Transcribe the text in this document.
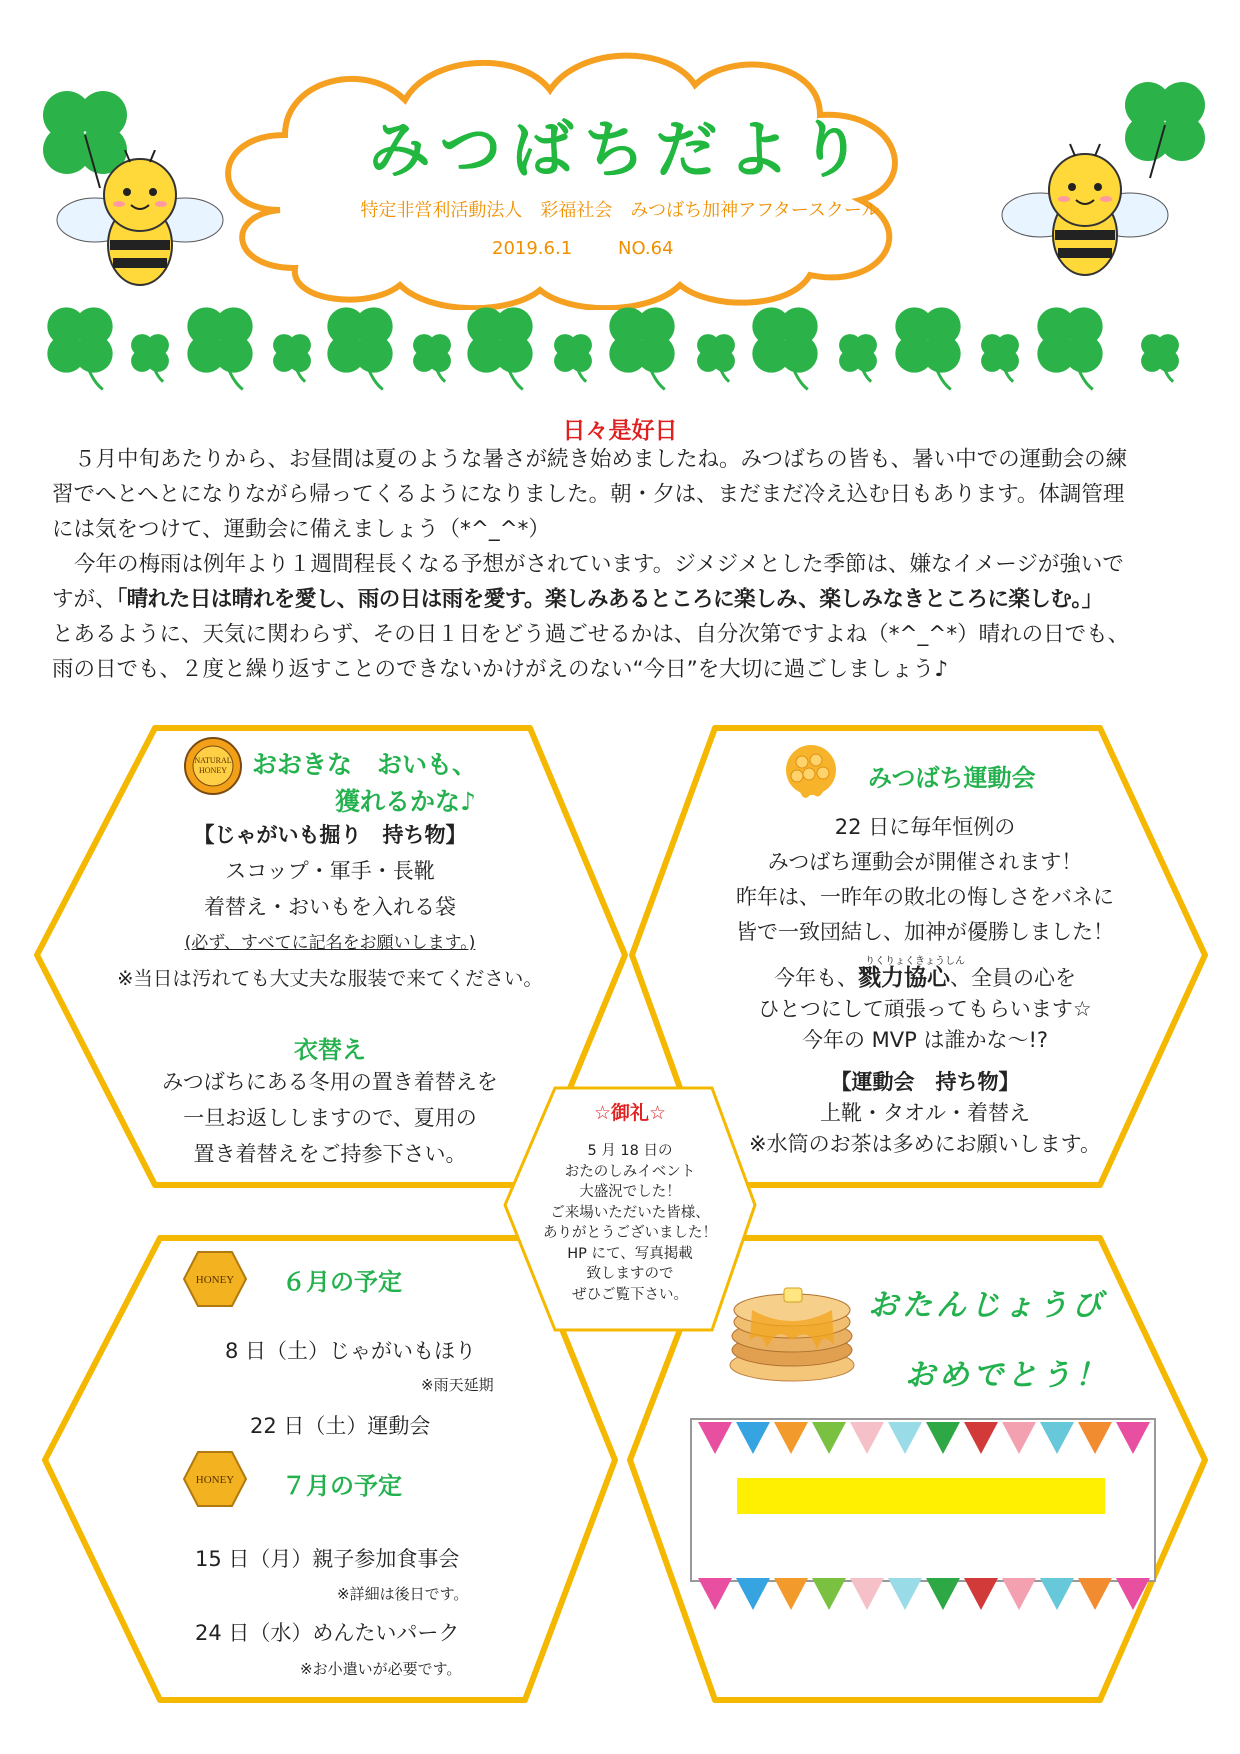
みつばちだより
特定非営利活動法人　彩福社会　みつばち加神アフタースクール
2019.6.1	NO.64
日々是好日
５月中旬あたりから、お昼間は夏のような暑さが続き始めましたね。みつばちの皆も、暑い中での運動会の練
習でへとへとになりながら帰ってくるようになりました。朝・夕は、まだまだ冷え込む日もあります。体調管理
には気をつけて、運動会に備えましょう（*^_^*）
今年の梅雨は例年より１週間程長くなる予想がされています。ジメジメとした季節は、嫌なイメージが強いで
すが、「晴れた日は晴れを愛し、雨の日は雨を愛す。楽しみあるところに楽しみ、楽しみなきところに楽しむ。」
とあるように、天気に関わらず、その日１日をどう過ごせるかは、自分次第ですよね（*^_^*）晴れの日でも、
雨の日でも、２度と繰り返すことのできないかけがえのない“今日”を大切に過ごしましょう♪
NATURAL
HONEY おおきな　おいも、
獲れるかな♪
【じゃがいも掘り　持ち物】
スコップ・軍手・長靴
着替え・おいもを入れる袋
(必ず、すべてに記名をお願いします。)
※当日は汚れても大丈夫な服装で来てください。
衣替え
みつばちにある冬用の置き着替えを
一旦お返ししますので、夏用の
置き着替えをご持参下さい。
みつばち運動会
22 日に毎年恒例の
みつばち運動会が開催されます！
昨年は、一昨年の敗北の悔しさをバネに
皆で一致団結し、加神が優勝しました！
りくりょくきょうしん
今年も、戮力協心、全員の心を
ひとつにして頑張ってもらいます☆
今年の MVP は誰かな〜!?
【運動会　持ち物】
上靴・タオル・着替え
※水筒のお茶は多めにお願いします。
☆御礼☆
5 月 18 日の
おたのしみイベント
大盛況でした！
ご来場いただいた皆様、
ありがとうございました！
HP にて、写真掲載
致しますので
ぜひご覧下さい。
HONEY ６月の予定
8 日（土）じゃがいもほり
※雨天延期
22 日（土）運動会
HONEY ７月の予定
15 日（月）親子参加食事会
※詳細は後日です。
24 日（水）めんたいパーク
※お小遣いが必要です。
おたんじょうび
おめでとう！
